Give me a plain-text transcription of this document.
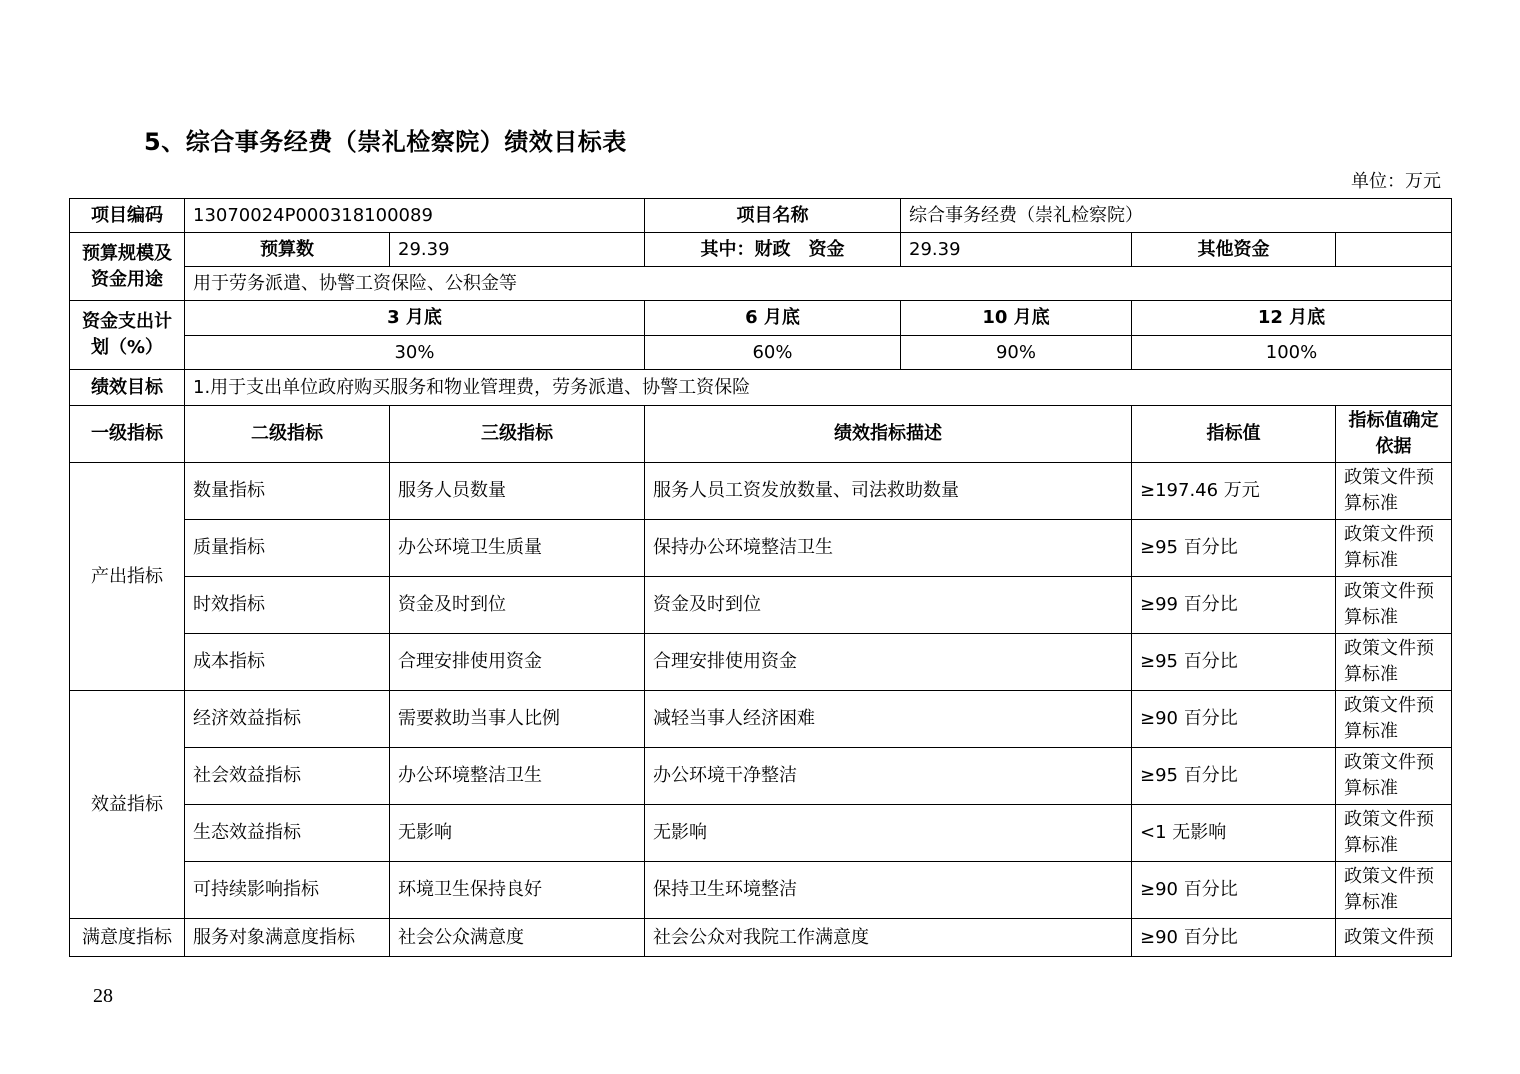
5、综合事务经费（崇礼检察院）绩效目标表
单位：万元
项目编码	13070024P000318100089		项目名称	综合事务经费（崇礼检察院）		
预算规模及资金用途	预算数	29.39	其中：财政　资金	29.39	其他资金	
	用于劳务派遣、协警工资保险、公积金等					
资金支出计划（%）	3 月底		6 月底	10 月底	12 月底	
	30%		60%	90%	100%	
绩效目标	1.用于支出单位政府购买服务和物业管理费，劳务派遣、协警工资保险					
一级指标	二级指标	三级指标	绩效指标描述		指标值	指标值确定依据
产出指标	数量指标	服务人员数量	服务人员工资发放数量、司法救助数量		≥197.46 万元	政策文件预算标准
	质量指标	办公环境卫生质量	保持办公环境整洁卫生		≥95 百分比	政策文件预算标准
	时效指标	资金及时到位	资金及时到位		≥99 百分比	政策文件预算标准
	成本指标	合理安排使用资金	合理安排使用资金		≥95 百分比	政策文件预算标准
效益指标	经济效益指标	需要救助当事人比例	减轻当事人经济困难		≥90 百分比	政策文件预算标准
	社会效益指标	办公环境整洁卫生	办公环境干净整洁		≥95 百分比	政策文件预算标准
	生态效益指标	无影响	无影响		<1 无影响	政策文件预算标准
	可持续影响指标	环境卫生保持良好	保持卫生环境整洁		≥90 百分比	政策文件预算标准
满意度指标	服务对象满意度指标	社会公众满意度	社会公众对我院工作满意度		≥90 百分比	政策文件预
28
